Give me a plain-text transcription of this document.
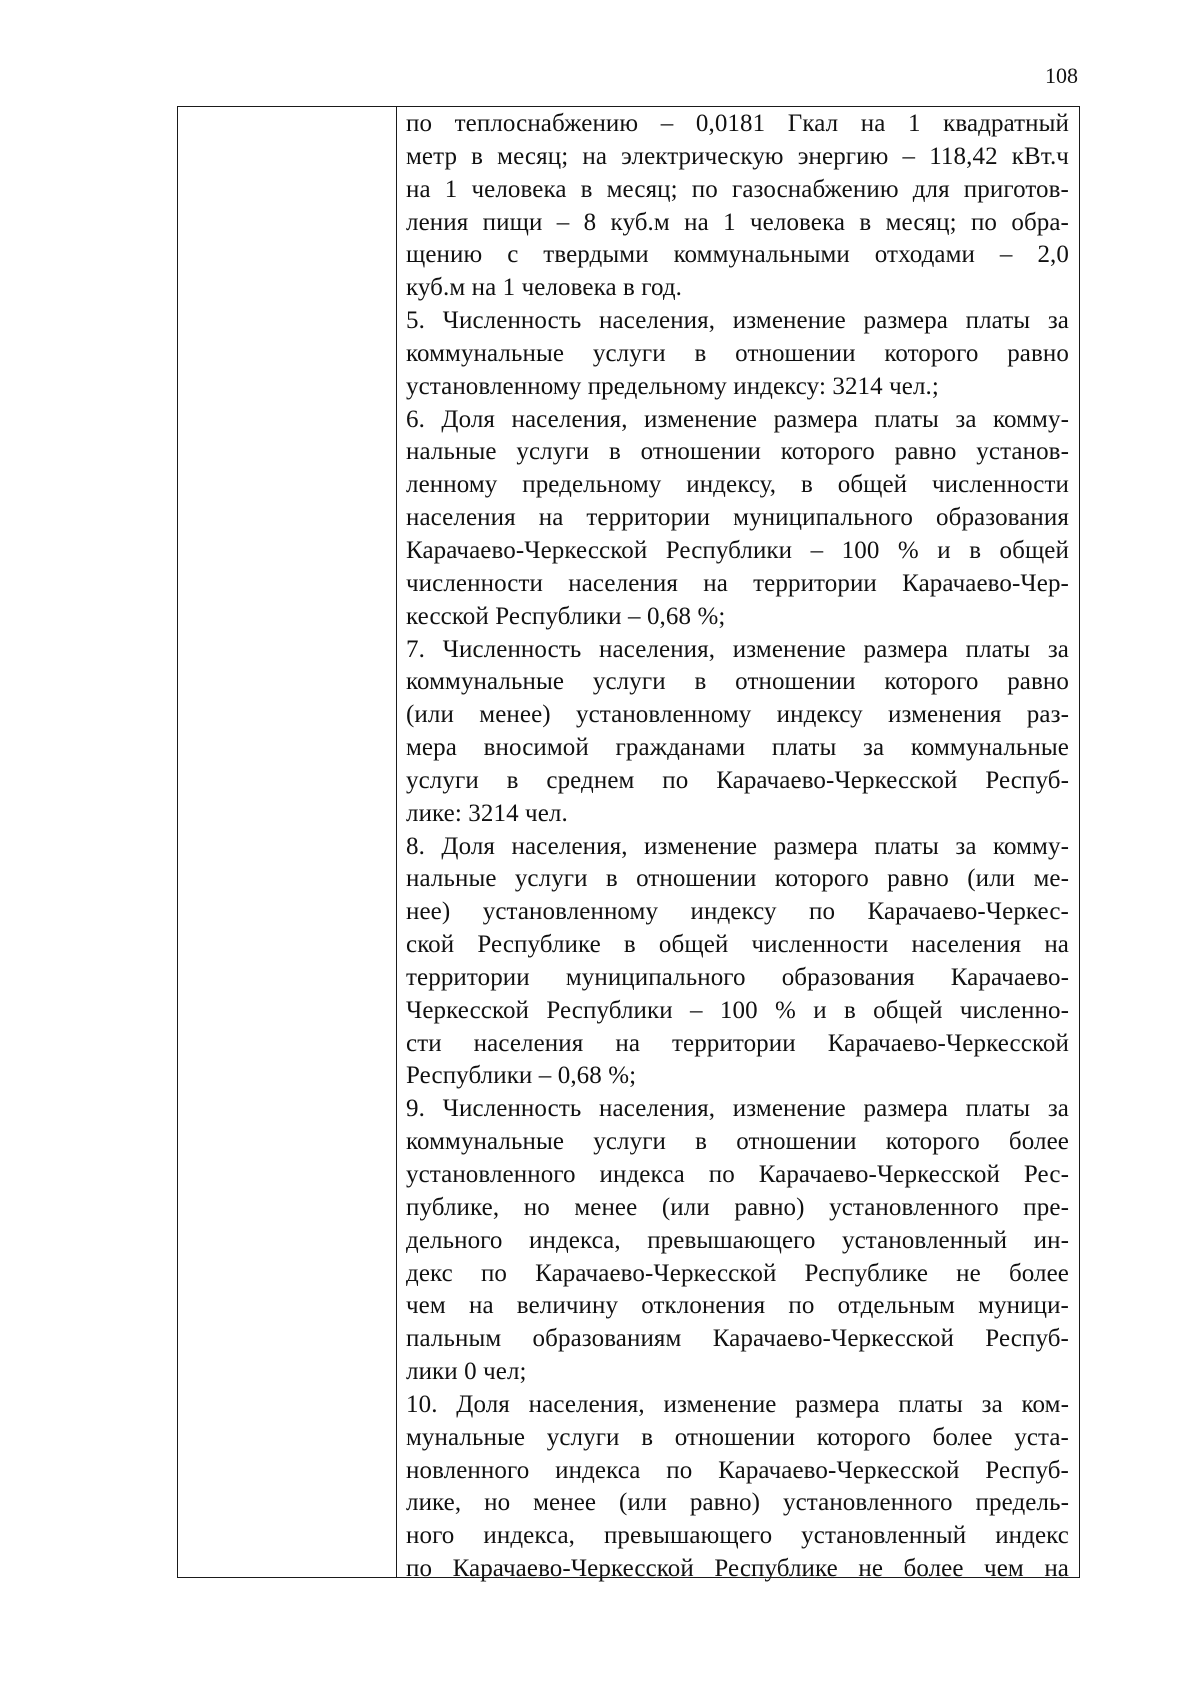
108
по теплоснабжению – 0,0181 Гкал на 1 квадратный
метр в месяц; на электрическую энергию – 118,42 кВт.ч
на 1 человека в месяц; по газоснабжению для приготов-
ления пищи – 8 куб.м на 1 человека в месяц; по обра-
щению с твердыми коммунальными отходами – 2,0
куб.м на 1 человека в год.
5. Численность населения, изменение размера платы за
коммунальные услуги в отношении которого равно
установленному предельному индексу: 3214 чел.;
6. Доля населения, изменение размера платы за комму-
нальные услуги в отношении которого равно установ-
ленному предельному индексу, в общей численности
населения на территории муниципального образования
Карачаево-Черкесской Республики – 100 % и в общей
численности населения на территории Карачаево-Чер-
кесской Республики – 0,68 %;
7. Численность населения, изменение размера платы за
коммунальные услуги в отношении которого равно
(или менее) установленному индексу изменения раз-
мера вносимой гражданами платы за коммунальные
услуги в среднем по Карачаево-Черкесской Респуб-
лике: 3214 чел.
8. Доля населения, изменение размера платы за комму-
нальные услуги в отношении которого равно (или ме-
нее) установленному индексу по Карачаево-Черкес-
ской Республике в общей численности населения на
территории муниципального образования Карачаево-
Черкесской Республики – 100 % и в общей численно-
сти населения на территории Карачаево-Черкесской
Республики – 0,68 %;
9. Численность населения, изменение размера платы за
коммунальные услуги в отношении которого более
установленного индекса по Карачаево-Черкесской Рес-
публике, но менее (или равно) установленного пре-
дельного индекса, превышающего установленный ин-
декс по Карачаево-Черкесской Республике не более
чем на величину отклонения по отдельным муници-
пальным образованиям Карачаево-Черкесской Респуб-
лики 0 чел;
10. Доля населения, изменение размера платы за ком-
мунальные услуги в отношении которого более уста-
новленного индекса по Карачаево-Черкесской Респуб-
лике, но менее (или равно) установленного предель-
ного индекса, превышающего установленный индекс
по Карачаево-Черкесской Республике не более чем на
